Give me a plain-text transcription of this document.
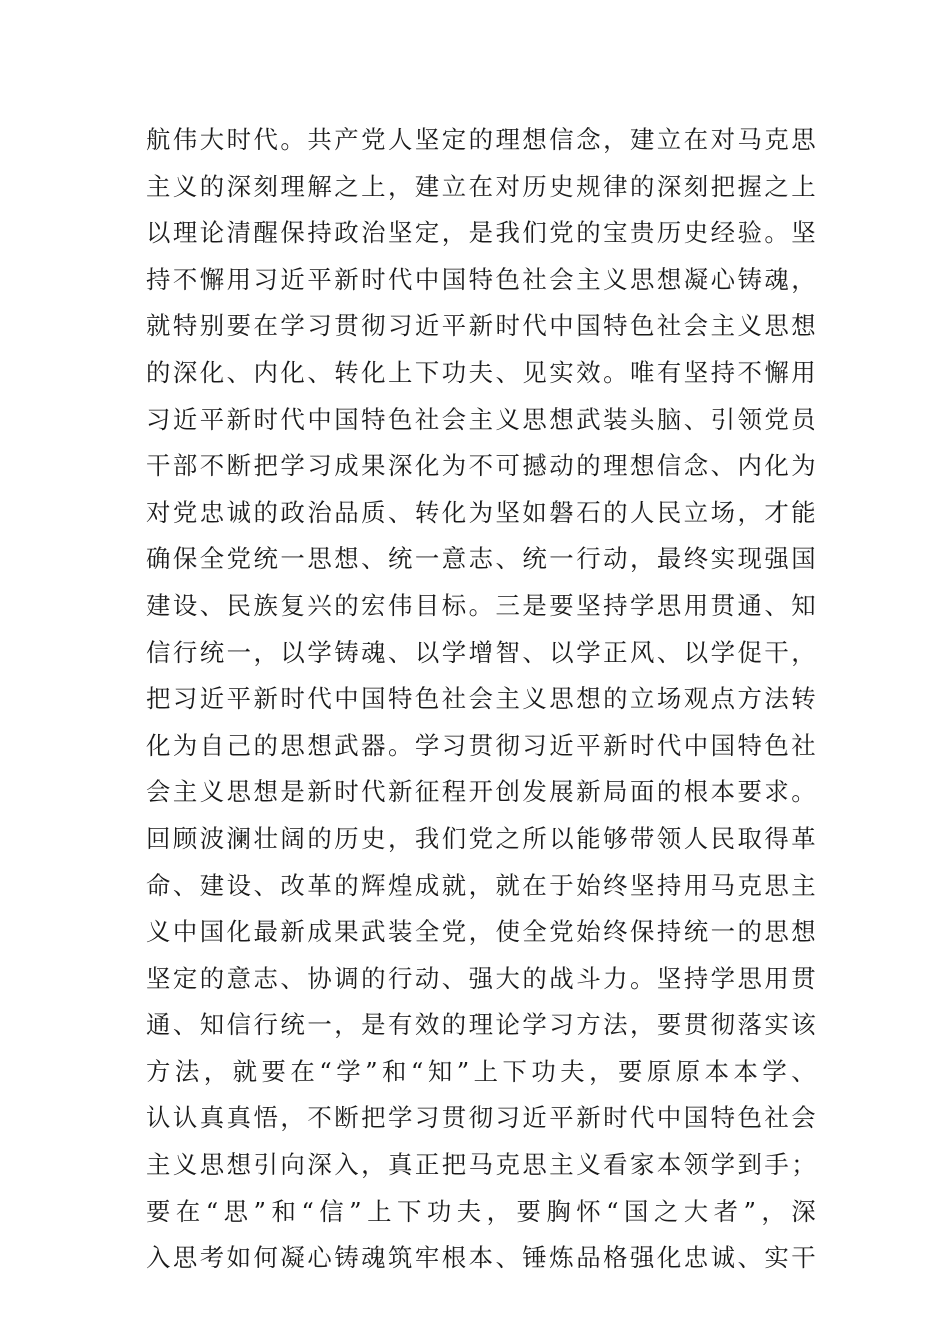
航伟大时代。共产党人坚定的理想信念，建立在对马克思
主义的深刻理解之上，建立在对历史规律的深刻把握之上
以理论清醒保持政治坚定，是我们党的宝贵历史经验。坚
持不懈用习近平新时代中国特色社会主义思想凝心铸魂，
就特别要在学习贯彻习近平新时代中国特色社会主义思想
的深化、内化、转化上下功夫、见实效。唯有坚持不懈用
习近平新时代中国特色社会主义思想武装头脑、引领党员
干部不断把学习成果深化为不可撼动的理想信念、内化为
对党忠诚的政治品质、转化为坚如磐石的人民立场，才能
确保全党统一思想、统一意志、统一行动，最终实现强国
建设、民族复兴的宏伟目标。三是要坚持学思用贯通、知
信行统一，以学铸魂、以学增智、以学正风、以学促干，
把习近平新时代中国特色社会主义思想的立场观点方法转
化为自己的思想武器。学习贯彻习近平新时代中国特色社
会主义思想是新时代新征程开创发展新局面的根本要求。
回顾波澜壮阔的历史，我们党之所以能够带领人民取得革
命、建设、改革的辉煌成就，就在于始终坚持用马克思主
义中国化最新成果武装全党，使全党始终保持统一的思想
坚定的意志、协调的行动、强大的战斗力。坚持学思用贯
通、知信行统一，是有效的理论学习方法，要贯彻落实该
方法，就要在“学”和“知”上下功夫，要原原本本学、
认认真真悟，不断把学习贯彻习近平新时代中国特色社会
主义思想引向深入，真正把马克思主义看家本领学到手；
要在“思”和“信”上下功夫，要胸怀“国之大者”，深
入思考如何凝心铸魂筑牢根本、锤炼品格强化忠诚、实干
